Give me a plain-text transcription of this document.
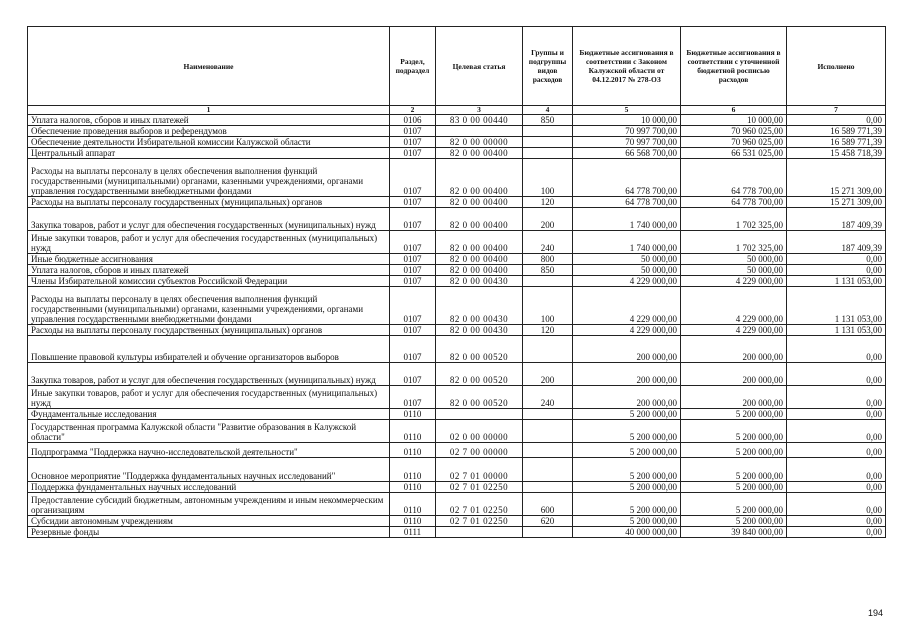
Наименование	Раздел, подраздел	Целевая статья	Группы и подгруппы видов расходов	Бюджетные ассигнования в соответствии с Законом Калужской области от 04.12.2017 № 278-ОЗ	Бюджетные ассигнования в соответствии с уточненной бюджетной росписью расходов	Исполнено
1	2	3	4	5	6	7
Уплата налогов, сборов и иных платежей	0106	83 0 00 00440	850	10 000,00	10 000,00	0,00
Обеспечение проведения выборов и референдумов	0107			70 997 700,00	70 960 025,00	16 589 771,39
Обеспечение деятельности Избирательной комиссии Калужской области	0107	82 0 00 00000		70 997 700,00	70 960 025,00	16 589 771,39
Центральный аппарат	0107	82 0 00 00400		66 568 700,00	66 531 025,00	15 458 718,39
Расходы на выплаты персоналу в целях обеспечения выполнения функций государственными (муниципальными) органами, казенными учреждениями, органами управления государственными внебюджетными фондами	0107	82 0 00 00400	100	64 778 700,00	64 778 700,00	15 271 309,00
Расходы на выплаты персоналу государственных (муниципальных) органов	0107	82 0 00 00400	120	64 778 700,00	64 778 700,00	15 271 309,00
Закупка товаров, работ и услуг для обеспечения государственных (муниципальных) нужд	0107	82 0 00 00400	200	1 740 000,00	1 702 325,00	187 409,39
Иные закупки товаров, работ и услуг для обеспечения государственных (муниципальных) нужд	0107	82 0 00 00400	240	1 740 000,00	1 702 325,00	187 409,39
Иные бюджетные ассигнования	0107	82 0 00 00400	800	50 000,00	50 000,00	0,00
Уплата налогов, сборов и иных платежей	0107	82 0 00 00400	850	50 000,00	50 000,00	0,00
Члены Избирательной комиссии субъектов Российской Федерации	0107	82 0 00 00430		4 229 000,00	4 229 000,00	1 131 053,00
Расходы на выплаты персоналу в целях обеспечения выполнения функций государственными (муниципальными) органами, казенными учреждениями, органами управления государственными внебюджетными фондами	0107	82 0 00 00430	100	4 229 000,00	4 229 000,00	1 131 053,00
Расходы на выплаты персоналу государственных (муниципальных) органов	0107	82 0 00 00430	120	4 229 000,00	4 229 000,00	1 131 053,00
Повышение правовой культуры избирателей и обучение организаторов выборов	0107	82 0 00 00520		200 000,00	200 000,00	0,00
Закупка товаров, работ и услуг для обеспечения государственных (муниципальных) нужд	0107	82 0 00 00520	200	200 000,00	200 000,00	0,00
Иные закупки товаров, работ и услуг для обеспечения государственных (муниципальных) нужд	0107	82 0 00 00520	240	200 000,00	200 000,00	0,00
Фундаментальные исследования	0110			5 200 000,00	5 200 000,00	0,00
Государственная программа Калужской области "Развитие образования в Калужской области"	0110	02 0 00 00000		5 200 000,00	5 200 000,00	0,00
Подпрограмма "Поддержка научно-исследовательской деятельности"	0110	02 7 00 00000		5 200 000,00	5 200 000,00	0,00
Основное мероприятие "Поддержка фундаментальных научных исследований"	0110	02 7 01 00000		5 200 000,00	5 200 000,00	0,00
Поддержка фундаментальных научных исследований	0110	02 7 01 02250		5 200 000,00	5 200 000,00	0,00
Предоставление субсидий бюджетным, автономным учреждениям и иным некоммерческим организациям	0110	02 7 01 02250	600	5 200 000,00	5 200 000,00	0,00
Субсидии автономным учреждениям	0110	02 7 01 02250	620	5 200 000,00	5 200 000,00	0,00
Резервные фонды	0111			40 000 000,00	39 840 000,00	0,00
194
